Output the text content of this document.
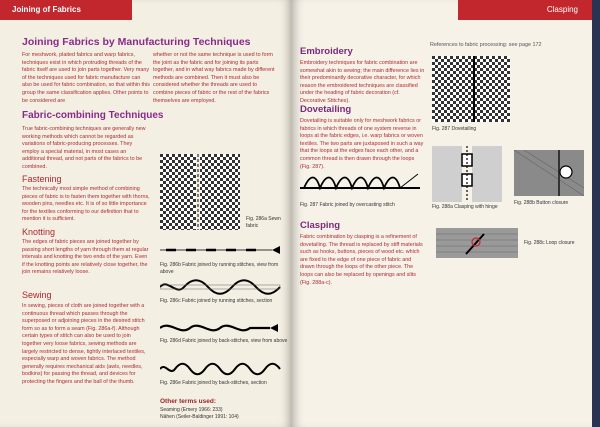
Joining of Fabrics
Joining Fabrics by Manufacturing Techniques
For meshwork, plaited fabrics and warp fabrics, techniques exist in which protruding threads of the fabric itself are used to join parts together. Very many of the techniques used for fabric manufacture can also be used for fabric combination, so that within this group the same classification applies. Other points to be considered are
whether or not the same technique is used to form the joint as the fabric and for joining its parts together, and in what way fabrics made by different methods are combined. Then it must also be considered whether the threads are used to combine pieces of fabric or the rest of the fabrics themselves are employed.
Fabric-combining Techniques
True fabric-combining techniques are generally new working methods which cannot be regarded as variations of fabric-producing processes. They employ a special material, in most cases an additional thread, and not parts of the fabrics to be combined.
Fastening
The technically most simple method of combining pieces of fabric is to fasten them together with thorns, wooden pins, needles etc. It is of so little importance for the textiles conforming to our definition that to mention it is sufficient.
Knotting
The edges of fabric pieces are joined together by passing short lengths of yarn through them at regular intervals and knotting the two ends of the yarn. Even if the knotting points are relatively close together, the join remains relatively loose.
Sewing
In sewing, pieces of cloth are joined together with a continuous thread which passes through the superposed or adjoining pieces in the desired stitch form so as to form a seam (Fig. 286a-f). Although certain types of stitch can also be used to join together very loose fabrics, sewing methods are largely restricted to dense, tightly interlaced textiles, especially warp and woven fabrics. The method generally requires mechanical aids (awls, needles, bodkins) for passing the thread, and devices for protecting the fingers and the ball of the thumb.
Fig. 286a Sewn fabric
Fig. 286b Fabric joined by running stitches, view from above
Fig. 286c Fabric joined by running stitches, section
Fig. 286d Fabric joined by back-stitches, view from above
Fig. 286e Fabric joined by back-stitches, section
Other terms used:
Seaming (Emery 1966: 233)
Nähen (Seiler-Baldinger 1991: 104)
Clasping
References to fabric processing: see page 172
Embroidery
Embroidery techniques for fabric combination are somewhat akin to sewing; the main difference lies in their predominantly decorative character, for which reason the embroidered techniques are classified under the heading of fabric decoration (cf. Decorative Stitches).
Dovetailing
Dovetailing is suitable only for meshwork fabrics or fabrics in which threads of one system reverse in loops at the fabric edges, i.e. warp fabrics or woven textiles. The two parts are juxtaposed in such a way that the loops at the edges face each other, and a common thread is then drawn through the loops (Fig. 287).
Clasping
Fabric combination by clasping is a refinement of dovetailing. The thread is replaced by stiff materials such as hooks, buttons, pieces of wood etc. which are fixed to the edge of one piece of fabric and drawn through the loops of the other piece. The loops can also be replaced by openings and slits (Fig. 288a-c).
Fig. 287 Dovetailing
Fig. 287 Fabric joined by overcasting stitch	Fig. 288a Clasping with hinge
Fig. 288b Button closure
Fig. 288c Loop closure
